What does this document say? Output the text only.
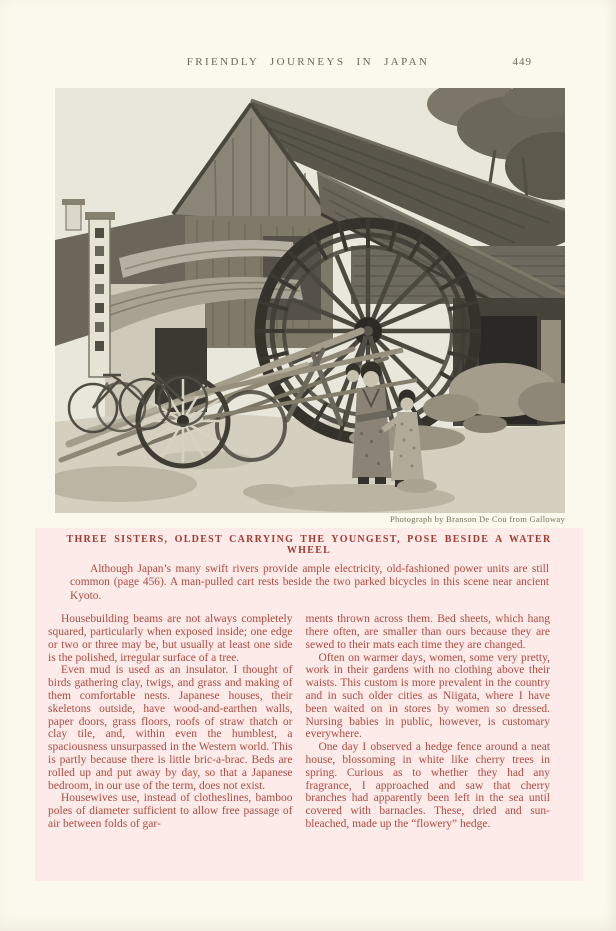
FRIENDLY JOURNEYS IN JAPAN	449
Photograph by Branson De Cou from Galloway
THREE SISTERS, OLDEST CARRYING THE YOUNGEST, POSE BESIDE A WATER WHEEL

Although Japan’s many swift rivers provide ample electricity, old-fashioned power units are still common (page 456). A man-pulled cart rests beside the two parked bicycles in this scene near ancient Kyoto.

Housebuilding beams are not always completely squared, particularly when exposed inside; one edge or two or three may be, but usually at least one side is the polished, irregular surface of a tree.

Even mud is used as an insulator. I thought of birds gathering clay, twigs, and grass and making of them comfortable nests. Japanese houses, their skeletons outside, have wood-and-earthen walls, paper doors, grass floors, roofs of straw thatch or clay tile, and, within even the humblest, a spaciousness unsurpassed in the Western world. This is partly because there is little bric-a-brac. Beds are rolled up and put away by day, so that a Japanese bedroom, in our use of the term, does not exist.

Housewives use, instead of clotheslines, bamboo poles of diameter sufficient to allow free passage of air between folds of gar-

ments thrown across them. Bed sheets, which hang there often, are smaller than ours because they are sewed to their mats each time they are changed.

Often on warmer days, women, some very pretty, work in their gardens with no clothing above their waists. This custom is more prevalent in the country and in such older cities as Niigata, where I have been waited on in stores by women so dressed. Nursing babies in public, however, is customary everywhere.

One day I observed a hedge fence around a neat house, blossoming in white like cherry trees in spring. Curious as to whether they had any fragrance, I approached and saw that cherry branches had apparently been left in the sea until covered with barnacles. These, dried and sun-bleached, made up the “flowery” hedge.
